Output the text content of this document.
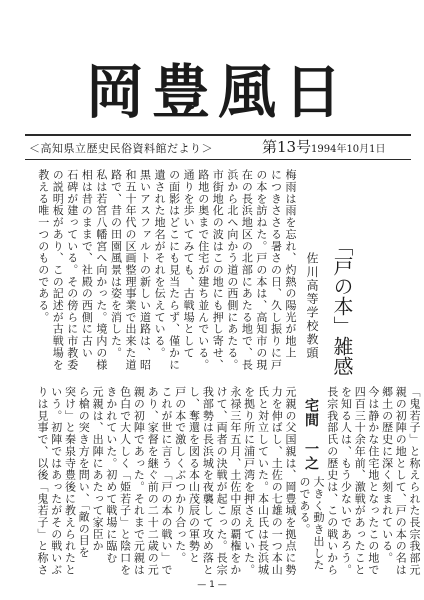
岡豊風日
＜高知県立歴史民俗資料館だより＞	第13号 1994年10月1日
梅雨は雨を忘れ、灼熱の陽光が地上
につきささる暑さの日、久し振りに戸
の本を訪ねた。戸の本は、高知市の現
在の長浜地区の北部にあたる地で、長
浜から北へ向かう道の西側にあたる。
市街地化の波はこの地にも押し寄せ、
路地の奥まで住宅が建ち並んでいる。
通りを歩いてみても、古戦場として
の面影はどこにも見当たらず、僅かに
遺された地名がそれを伝えている。
黒いアスファルトの新しい道路は、昭
和五十年代の区画整理事業で出来た道
路で、昔の田園風景は姿を消した。
私は若宮八幡宮へ向かった。境内の様
相は昔のままで、社殿の西側に古い
石碑が建っている。その傍らに市教委
の説明板があり、この記述が古戦場を
教える唯一つのものである。	「戸の本」雑感
佐川高等学校教頭
宅間　一之	「鬼若子」と称えられた長宗我部元
親の初陣の地として、戸の本の名は
郷土の歴史に深く刻まれている。
今は静かな住宅地となったこの地で
四百三十余年前、激戦があったこと
を知る人は、もう少ないであろう。
長宗我部氏の歴史は、この戦いから
大きく動き出した
のである。
元親の父国親は、岡豊城を拠点に勢
力を伸ばし、土佐の七雄の一つ本山
氏と対立していた。本山氏は長浜城
を拠り所に浦戸湾を押さえていた。
永禄三年五月、土佐中原の覇権をか
けて、両者の決戦が起こった。長宗
我部勢は長浜城を夜襲して攻め落と
し、奪還を図る本山茂辰の軍勢と
戸の本で激しくぶつかり合った。
これが世に言う「戸の本の戦い」で
あり、家督を継ぐ前の二十二歳の元
親の初陣であった。それまで元親は
色白で大人しく「姫若子」と陰口を
きかれていた。初めて戦場に臨む
元親は、出陣にあたって家臣か
ら槍の突き方を問い、「敵の目を
突け」と秦泉寺豊後に教えられたと
いう。初陣ではあったがその戦いぶ
りは見事で、以後「鬼若子」と称さ
— 1 —
